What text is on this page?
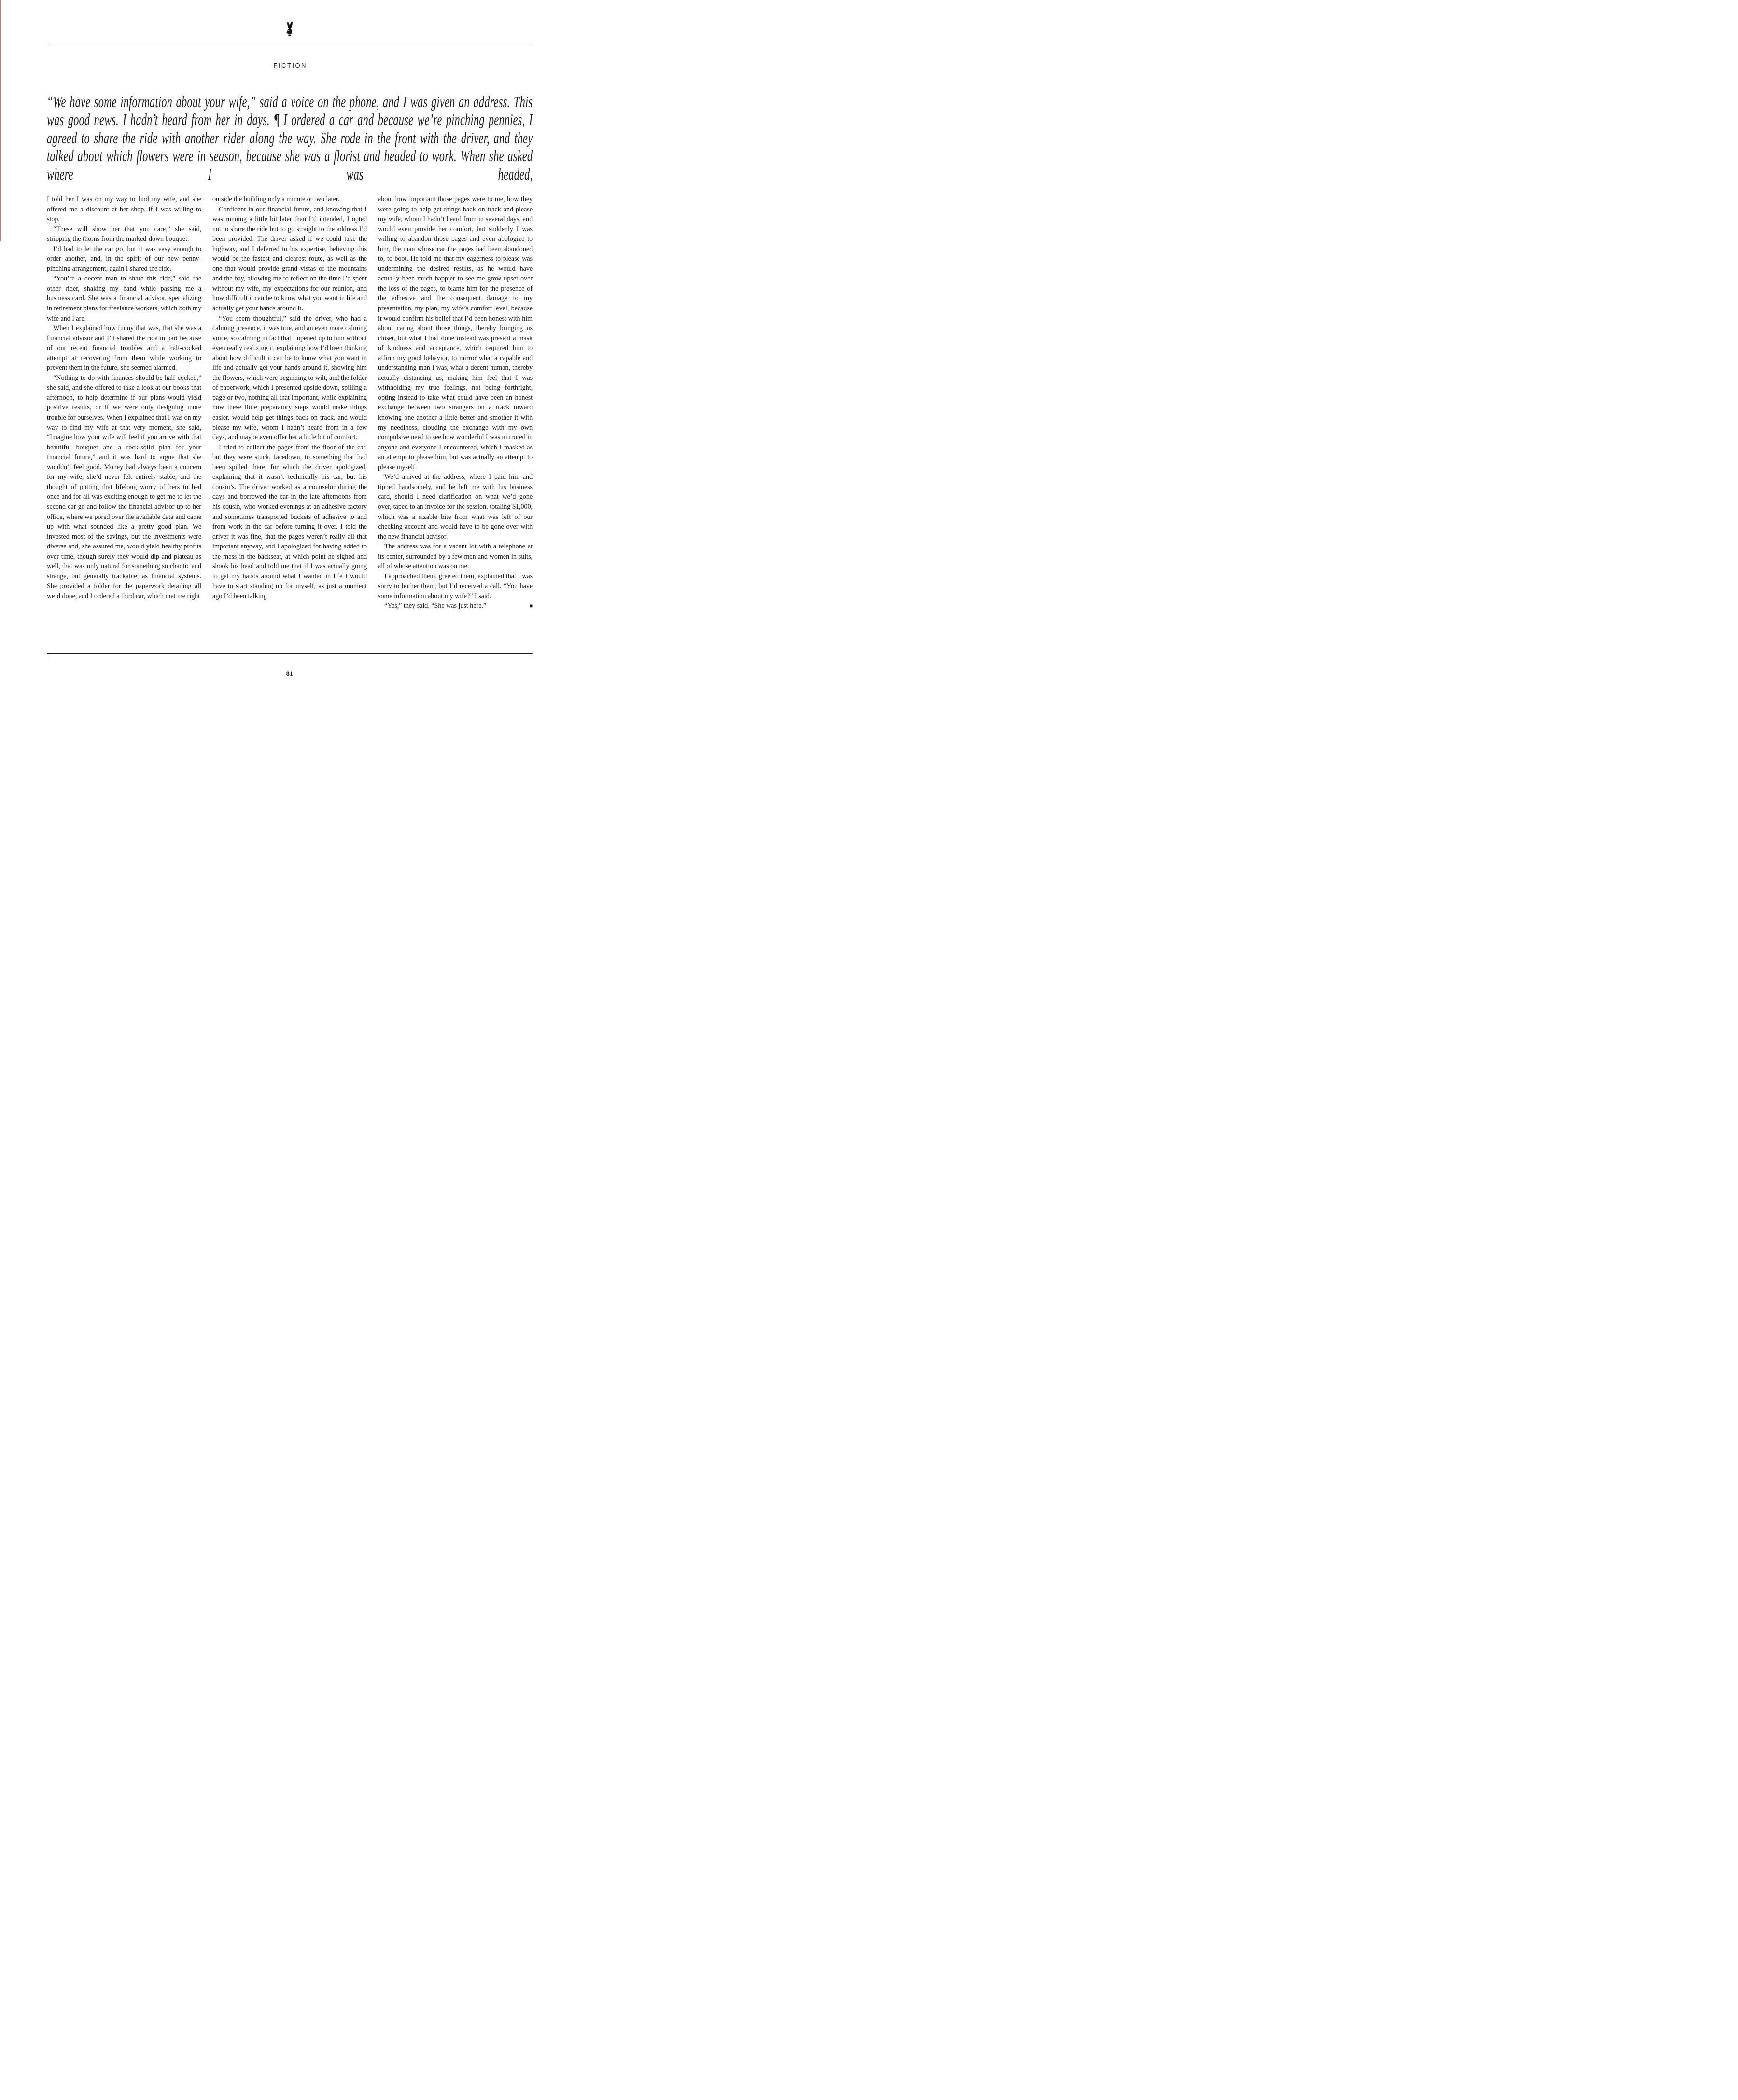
FICTION

“We have some information about your wife,” said a voice on the phone, and I was given an address. This was good news. I hadn’t heard from her in days. ¶ I ordered a car and because we’re pinching pennies, I agreed to share the ride with another rider along the way. She rode in the front with the driver, and they talked about which flowers were in season, because she was a florist and headed to work. When she asked where I was headed,

I told her I was on my way to find my wife, and she offered me a discount at her shop, if I was willing to stop.

“These will show her that you care,” she said, stripping the thorns from the marked-down bouquet.

I’d had to let the car go, but it was easy enough to order another, and, in the spirit of our new penny-pinching arrangement, again I shared the ride.

“You’re a decent man to share this ride,” said the other rider, shaking my hand while passing me a business card. She was a financial advisor, specializing in retirement plans for freelance workers, which both my wife and I are.

When I explained how funny that was, that she was a financial advisor and I’d shared the ride in part because of our recent financial troubles and a half-cocked attempt at recovering from them while working to prevent them in the future, she seemed alarmed.

“Nothing to do with finances should be half-cocked,” she said, and she offered to take a look at our books that afternoon, to help determine if our plans would yield positive results, or if we were only designing more trouble for ourselves. When I explained that I was on my way to find my wife at that very moment, she said, “Imagine how your wife will feel if you arrive with that beautiful bouquet and a rock-solid plan for your financial future,” and it was hard to argue that she wouldn’t feel good. Money had always been a concern for my wife, she’d never felt entirely stable, and the thought of putting that lifelong worry of hers to bed once and for all was exciting enough to get me to let the second car go and follow the financial advisor up to her office, where we pored over the available data and came up with what sounded like a pretty good plan. We invested most of the savings, but the investments were diverse and, she assured me, would yield healthy profits over time, though surely they would dip and plateau as well, that was only natural for something so chaotic and strange, but generally trackable, as financial systems. She provided a folder for the paperwork detailing all we’d done, and I ordered a third car, which met me right

outside the building only a minute or two later.

Confident in our financial future, and knowing that I was running a little bit later than I’d intended, I opted not to share the ride but to go straight to the address I’d been provided. The driver asked if we could take the highway, and I deferred to his expertise, believing this would be the fastest and clearest route, as well as the one that would provide grand vistas of the mountains and the bay, allowing me to reflect on the time I’d spent without my wife, my expectations for our reunion, and how difficult it can be to know what you want in life and actually get your hands around it.

“You seem thoughtful,” said the driver, who had a calming presence, it was true, and an even more calming voice, so calming in fact that I opened up to him without even really realizing it, explaining how I’d been thinking about how difficult it can be to know what you want in life and actually get your hands around it, showing him the flowers, which were beginning to wilt, and the folder of paperwork, which I presented upside down, spilling a page or two, nothing all that important, while explaining how these little preparatory steps would make things easier, would help get things back on track, and would please my wife, whom I hadn’t heard from in a few days, and maybe even offer her a little bit of comfort.

I tried to collect the pages from the floor of the car, but they were stuck, facedown, to something that had been spilled there, for which the driver apologized, explaining that it wasn’t technically his car, but his cousin’s. The driver worked as a counselor during the days and borrowed the car in the late afternoons from his cousin, who worked evenings at an adhesive factory and sometimes transported buckets of adhesive to and from work in the car before turning it over. I told the driver it was fine, that the pages weren’t really all that important anyway, and I apologized for having added to the mess in the backseat, at which point he sighed and shook his head and told me that if I was actually going to get my hands around what I wanted in life I would have to start standing up for myself, as just a moment ago I’d been talking

about how important those pages were to me, how they were going to help get things back on track and please my wife, whom I hadn’t heard from in several days, and would even provide her comfort, but suddenly I was willing to abandon those pages and even apologize to him, the man whose car the pages had been abandoned to, to boot. He told me that my eagerness to please was undermining the desired results, as he would have actually been much happier to see me grow upset over the loss of the pages, to blame him for the presence of the adhesive and the consequent damage to my presentation, my plan, my wife’s comfort level, because it would confirm his belief that I’d been honest with him about caring about those things, thereby bringing us closer, but what I had done instead was present a mask of kindness and acceptance, which required him to affirm my good behavior, to mirror what a capable and understanding man I was, what a decent human, thereby actually distancing us, making him feel that I was withholding my true feelings, not being forthright, opting instead to take what could have been an honest exchange between two strangers on a track toward knowing one another a little better and smother it with my neediness, clouding the exchange with my own compulsive need to see how wonderful I was mirrored in anyone and everyone I encountered, which I masked as an attempt to please him, but was actually an attempt to please myself.

We’d arrived at the address, where I paid him and tipped handsomely, and he left me with his business card, should I need clarification on what we’d gone over, taped to an invoice for the session, totaling $1,000, which was a sizable bite from what was left of our checking account and would have to be gone over with the new financial advisor.

The address was for a vacant lot with a telephone at its center, surrounded by a few men and women in suits, all of whose attention was on me.

I approached them, greeted them, explained that I was sorry to bother them, but I’d received a call. “You have some information about my wife?” I said.

“Yes,” they said. “She was just here.”	■

81
